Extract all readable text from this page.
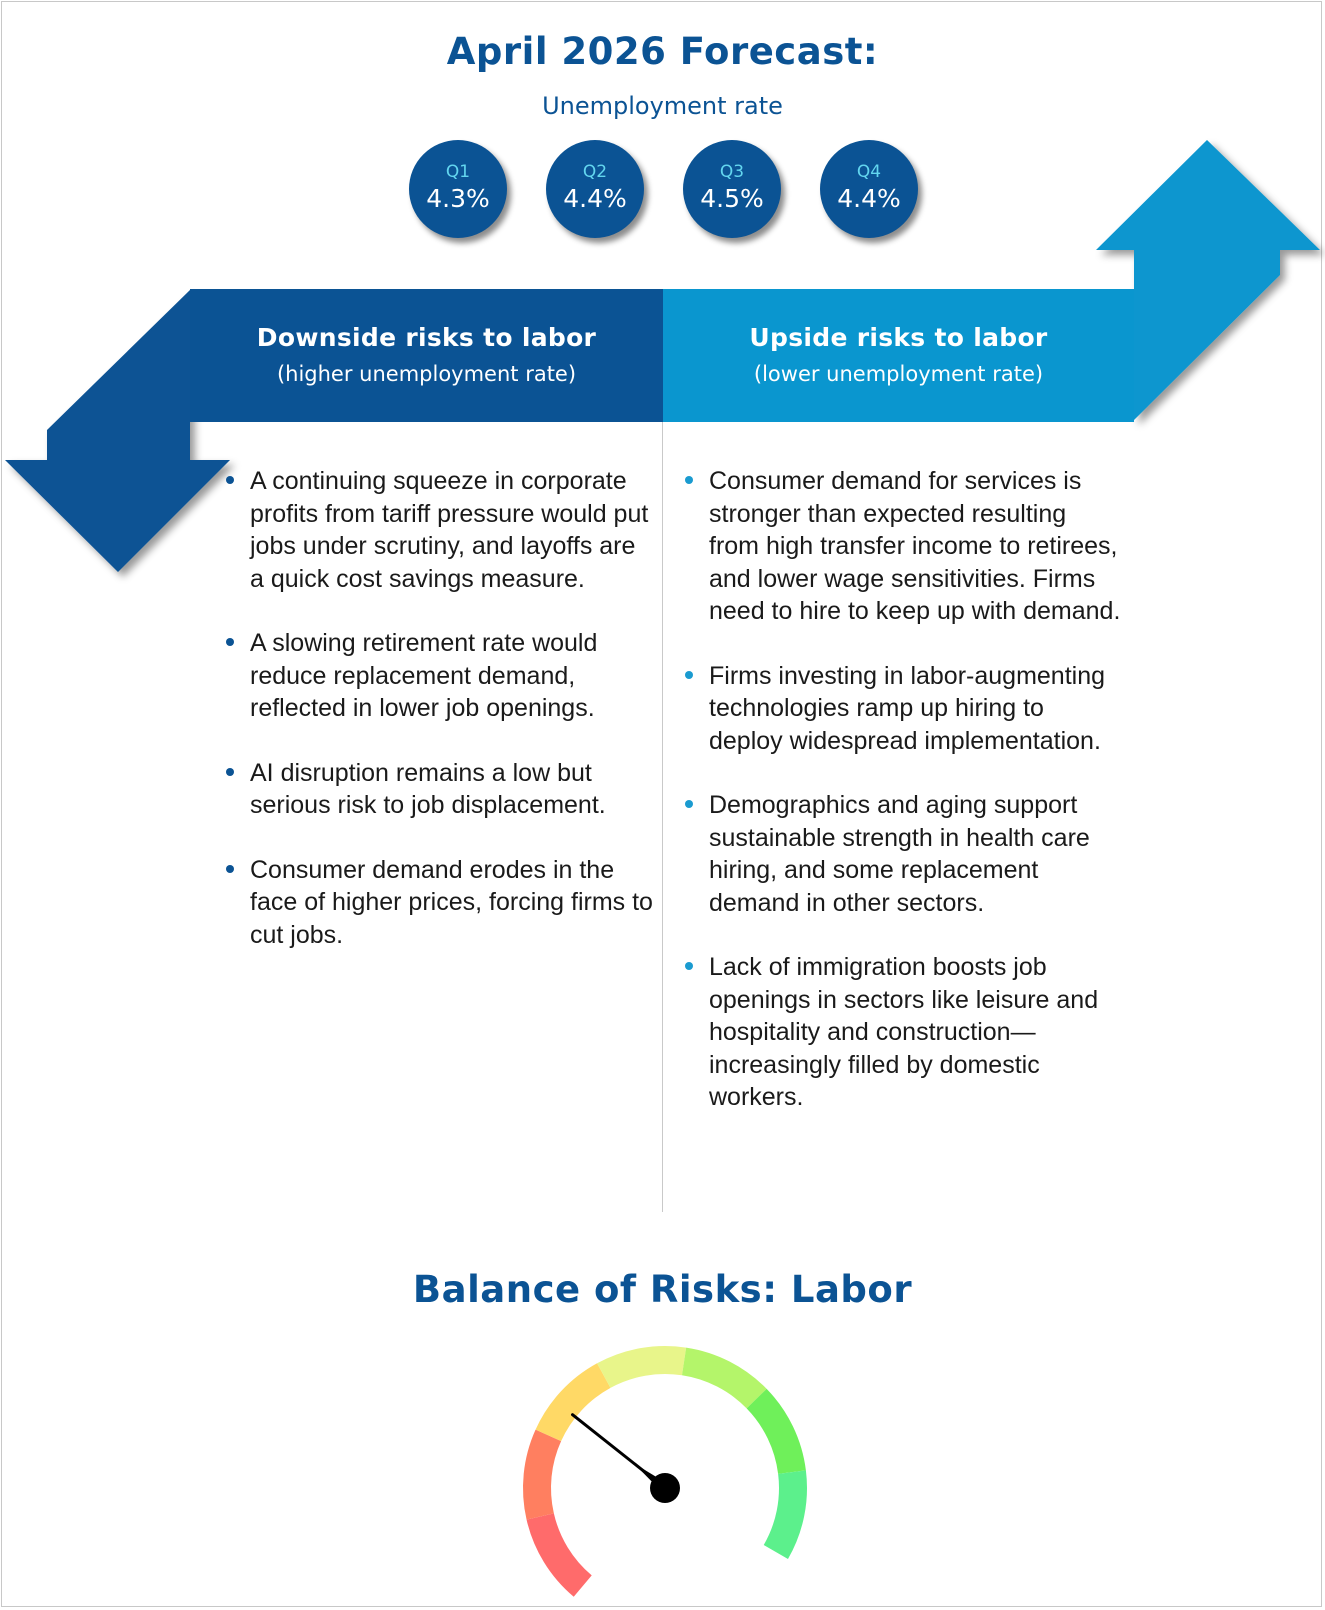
April 2026 Forecast:
Unemployment rate
Q1
4.3%
Q2
4.4%
Q3
4.5%
Q4
4.4%
Downside risks to labor
(higher unemployment rate)
Upside risks to labor
(lower unemployment rate)
A continuing squeeze in corporate profits from tariff pressure would put jobs under scrutiny, and layoffs are a quick cost savings measure.
A slowing retirement rate would reduce replacement demand, reflected in lower job openings.
AI disruption remains a low but serious risk to job displacement.
Consumer demand erodes in the face of higher prices, forcing firms to cut jobs.
Consumer demand for services is stronger than expected resulting from high transfer income to retirees, and lower wage sensitivities. Firms need to hire to keep up with demand.
Firms investing in labor-augmenting technologies ramp up hiring to deploy widespread implementation.
Demographics and aging support sustainable strength in health care hiring, and some replacement demand in other sectors.
Lack of immigration boosts job openings in sectors like leisure and hospitality and construction—increasingly filled by domestic workers.
Balance of Risks: Labor
